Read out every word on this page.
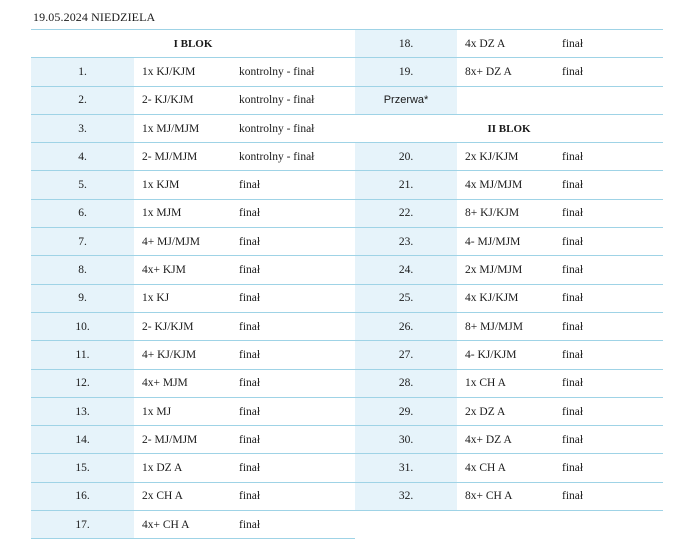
19.05.2024 NIEDZIELA
I BLOK			18.	4x DZ A	finał
1.	1x KJ/KJM	kontrolny - finał	19.	8x+ DZ A	finał
2.	2- KJ/KJM	kontrolny - finał	Przerwa*		
3.	1x MJ/MJM	kontrolny - finał	II BLOK		
4.	2- MJ/MJM	kontrolny - finał	20.	2x KJ/KJM	finał
5.	1x KJM	finał	21.	4x MJ/MJM	finał
6.	1x MJM	finał	22.	8+ KJ/KJM	finał
7.	4+ MJ/MJM	finał	23.	4- MJ/MJM	finał
8.	4x+ KJM	finał	24.	2x MJ/MJM	finał
9.	1x KJ	finał	25.	4x KJ/KJM	finał
10.	2- KJ/KJM	finał	26.	8+ MJ/MJM	finał
11.	4+ KJ/KJM	finał	27.	4- KJ/KJM	finał
12.	4x+ MJM	finał	28.	1x CH A	finał
13.	1x MJ	finał	29.	2x DZ A	finał
14.	2- MJ/MJM	finał	30.	4x+ DZ A	finał
15.	1x DZ A	finał	31.	4x CH A	finał
16.	2x CH A	finał	32.	8x+ CH A	finał
17.	4x+ CH A	finał			
